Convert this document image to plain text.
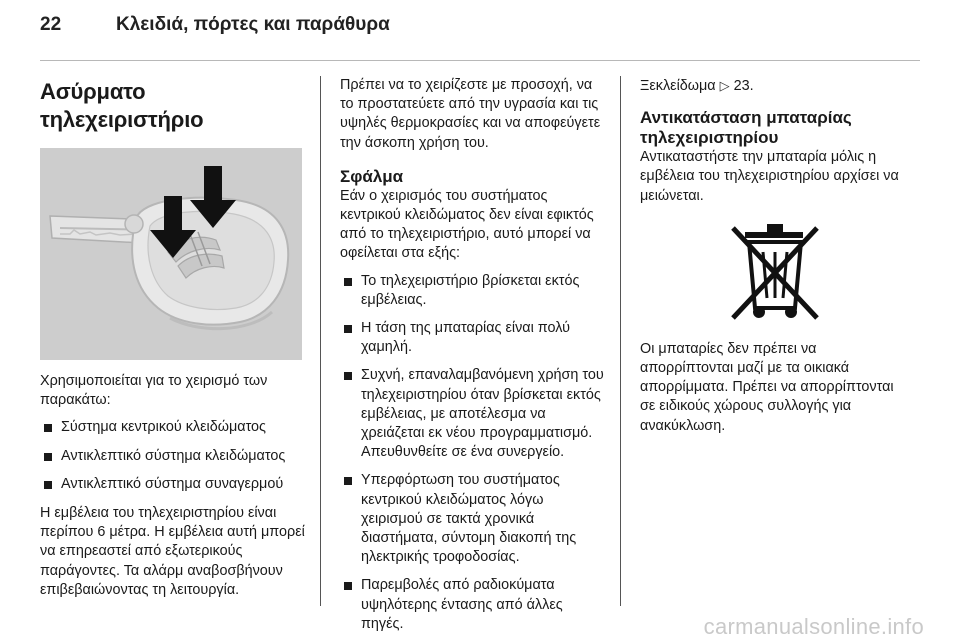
22	Κλειδιά, πόρτες και παράθυρα
Ασύρματο τηλεχειριστήριο

Χρησιμοποιείται για το χειρισμό των παρακάτω:

Σύστημα κεντρικού κλειδώματος
Αντικλεπτικό σύστημα κλειδώματος
Αντικλεπτικό σύστημα συναγερμού

Η εμβέλεια του τηλεχειριστηρίου είναι περίπου 6 μέτρα. Η εμβέλεια αυτή μπορεί να επηρεαστεί από εξωτερικούς παράγοντες. Τα αλάρμ αναβοσβήνουν επιβεβαιώνοντας τη λειτουργία.

Πρέπει να το χειρίζεστε με προσοχή, να το προστατεύετε από την υγρασία και τις υψηλές θερμοκρασίες και να αποφεύγετε την άσκοπη χρήση του.

Σφάλμα

Εάν ο χειρισμός του συστήματος κεντρικού κλειδώματος δεν είναι εφικτός από το τηλεχειριστήριο, αυτό μπορεί να οφείλεται στα εξής:

Το τηλεχειριστήριο βρίσκεται εκτός εμβέλειας.
Η τάση της μπαταρίας είναι πολύ χαμηλή.
Συχνή, επαναλαμβανόμενη χρήση του τηλεχειριστηρίου όταν βρίσκεται εκτός εμβέλειας, με αποτέλεσμα να χρειάζεται εκ νέου προγραμματισμό. Απευθυνθείτε σε ένα συνεργείο.
Υπερφόρτωση του συστήματος κεντρικού κλειδώματος λόγω χειρισμού σε τακτά χρονικά διαστήματα, σύντομη διακοπή της ηλεκτρικής τροφοδοσίας.
Παρεμβολές από ραδιοκύματα υψηλότερης έντασης από άλλες πηγές.

Ξεκλείδωμα ▷ 23.

Αντικατάσταση μπαταρίας τηλεχειριστηρίου

Αντικαταστήστε την μπαταρία μόλις η εμβέλεια του τηλεχειριστηρίου αρχίσει να μειώνεται.

Οι μπαταρίες δεν πρέπει να απορρίπτονται μαζί με τα οικιακά απορρίμματα. Πρέπει να απορρίπτονται σε ειδικούς χώρους συλλογής για ανακύκλωση.

carmanualsonline.info
